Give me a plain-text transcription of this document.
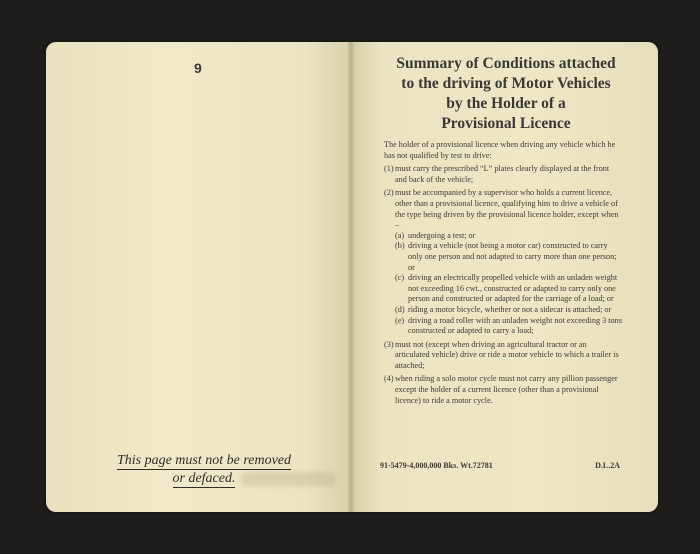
9
This page must not be removed
or defaced.
Summary of Conditions attached
to the driving of Motor Vehicles
by the Holder of a
Provisional Licence

The holder of a provisional licence when driving any vehicle which he has not qualified by test to drive:

(1) must carry the prescribed “L” plates clearly displayed at the front and back of the vehicle;
(2) must be accompanied by a supervisor who holds a current licence, other than a provisional licence, qualifying him to drive a vehicle of the type being driven by the provisional licence holder, except when –
(a) undergoing a test; or
(b) driving a vehicle (not being a motor car) constructed to carry only one person and not adapted to carry more than one person; or
(c) driving an electrically propelled vehicle with an unladen weight not exceeding 16 cwt., constructed or adapted to carry only one person and constructed or adapted for the carriage of a load; or
(d) riding a motor bicycle, whether or not a sidecar is attached; or
(e) driving a road roller with an unladen weight not exceeding 3 tons constructed or adapted to carry a load;
(3) must not (except when driving an agricultural tractor or an articulated vehicle) drive or ride a motor vehicle to which a trailer is attached;
(4) when riding a solo motor cycle must not carry any pillion passenger except the holder of a current licence (other than a provisional licence) to ride a motor cycle.
91-5479-4,000,000 Bks. Wt.72781	D.L.2A
